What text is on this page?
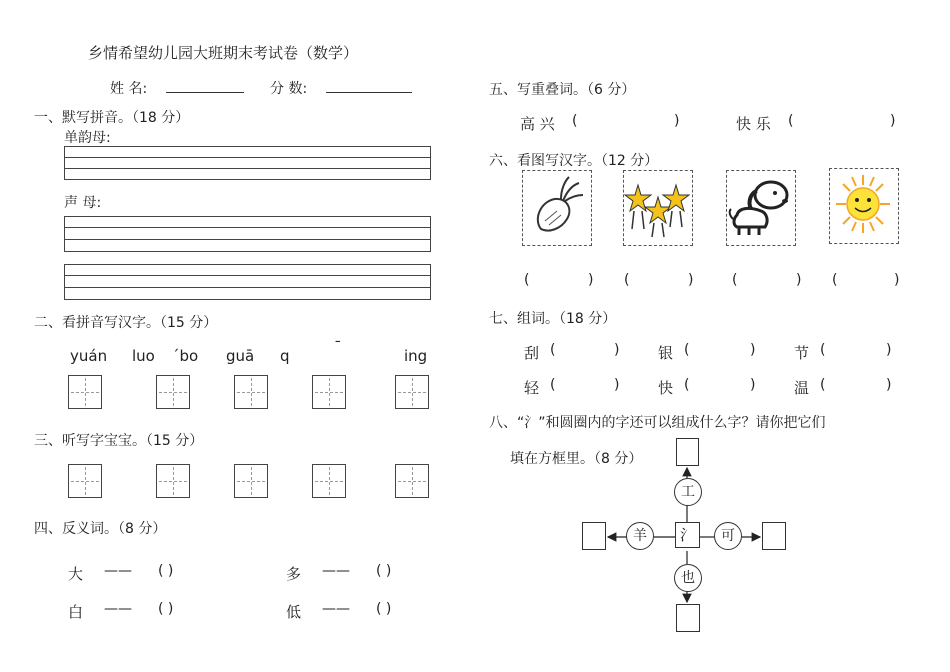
乡情希望幼儿园大班期末考试卷（数学）
姓 名:	分 数:
一、默写拼音。（18 分）
单韵母:
声 母:
二、看拼音写汉字。（15 分）
yuán luo ˊbo guā q	¯	ing
三、听写字宝宝。（15 分）
四、反义词。（8 分）
大 —— ( )	多 —— ( )
白 —— ( )	低 —— ( )
五、写重叠词。（6 分）
高 兴 (	)	快 乐 (	)
六、看图写汉字。（12 分）
(	) (	)	(	) (	)
七、组词。（18 分）
刮 (	)	银 (	)	节 (	)
轻 (	)	快 (	)	温 (	)
八、“氵”和圆圈内的字还可以组成什么字？请你把它们
填在方框里。（8 分）
氵
工
羊	可
也
